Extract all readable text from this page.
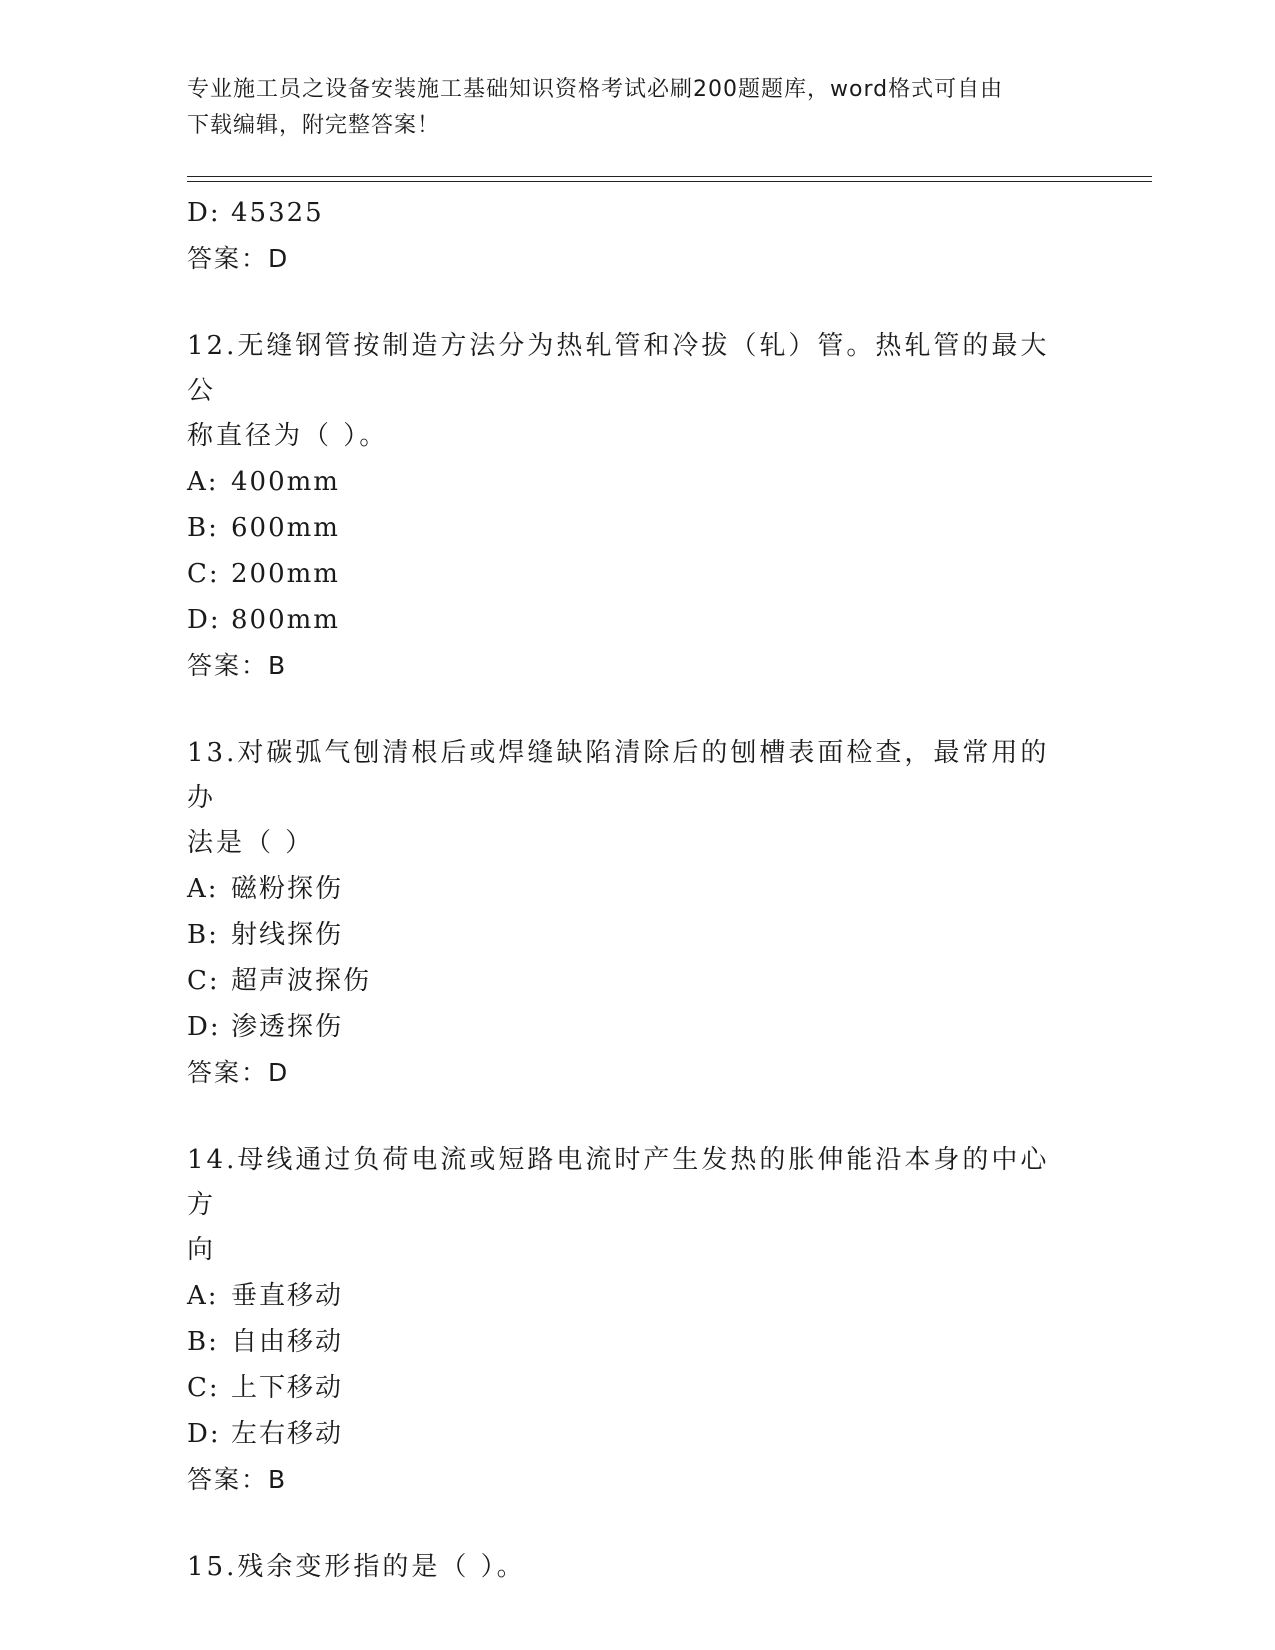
专业施工员之设备安装施工基础知识资格考试必刷200题题库，word格式可自由
下载编辑，附完整答案！
D: 45325
答案：D
12.无缝钢管按制造方法分为热轧管和冷拔（轧）管。热轧管的最大公
称直径为（ ）。
A: 400mm
B: 600mm
C: 200mm
D: 800mm
答案：B
13.对碳弧气刨清根后或焊缝缺陷清除后的刨槽表面检查，最常用的办
法是（ ）
A: 磁粉探伤
B: 射线探伤
C: 超声波探伤
D: 渗透探伤
答案：D
14.母线通过负荷电流或短路电流时产生发热的胀伸能沿本身的中心方
向
A: 垂直移动
B: 自由移动
C: 上下移动
D: 左右移动
答案：B
15.残余变形指的是（ ）。
